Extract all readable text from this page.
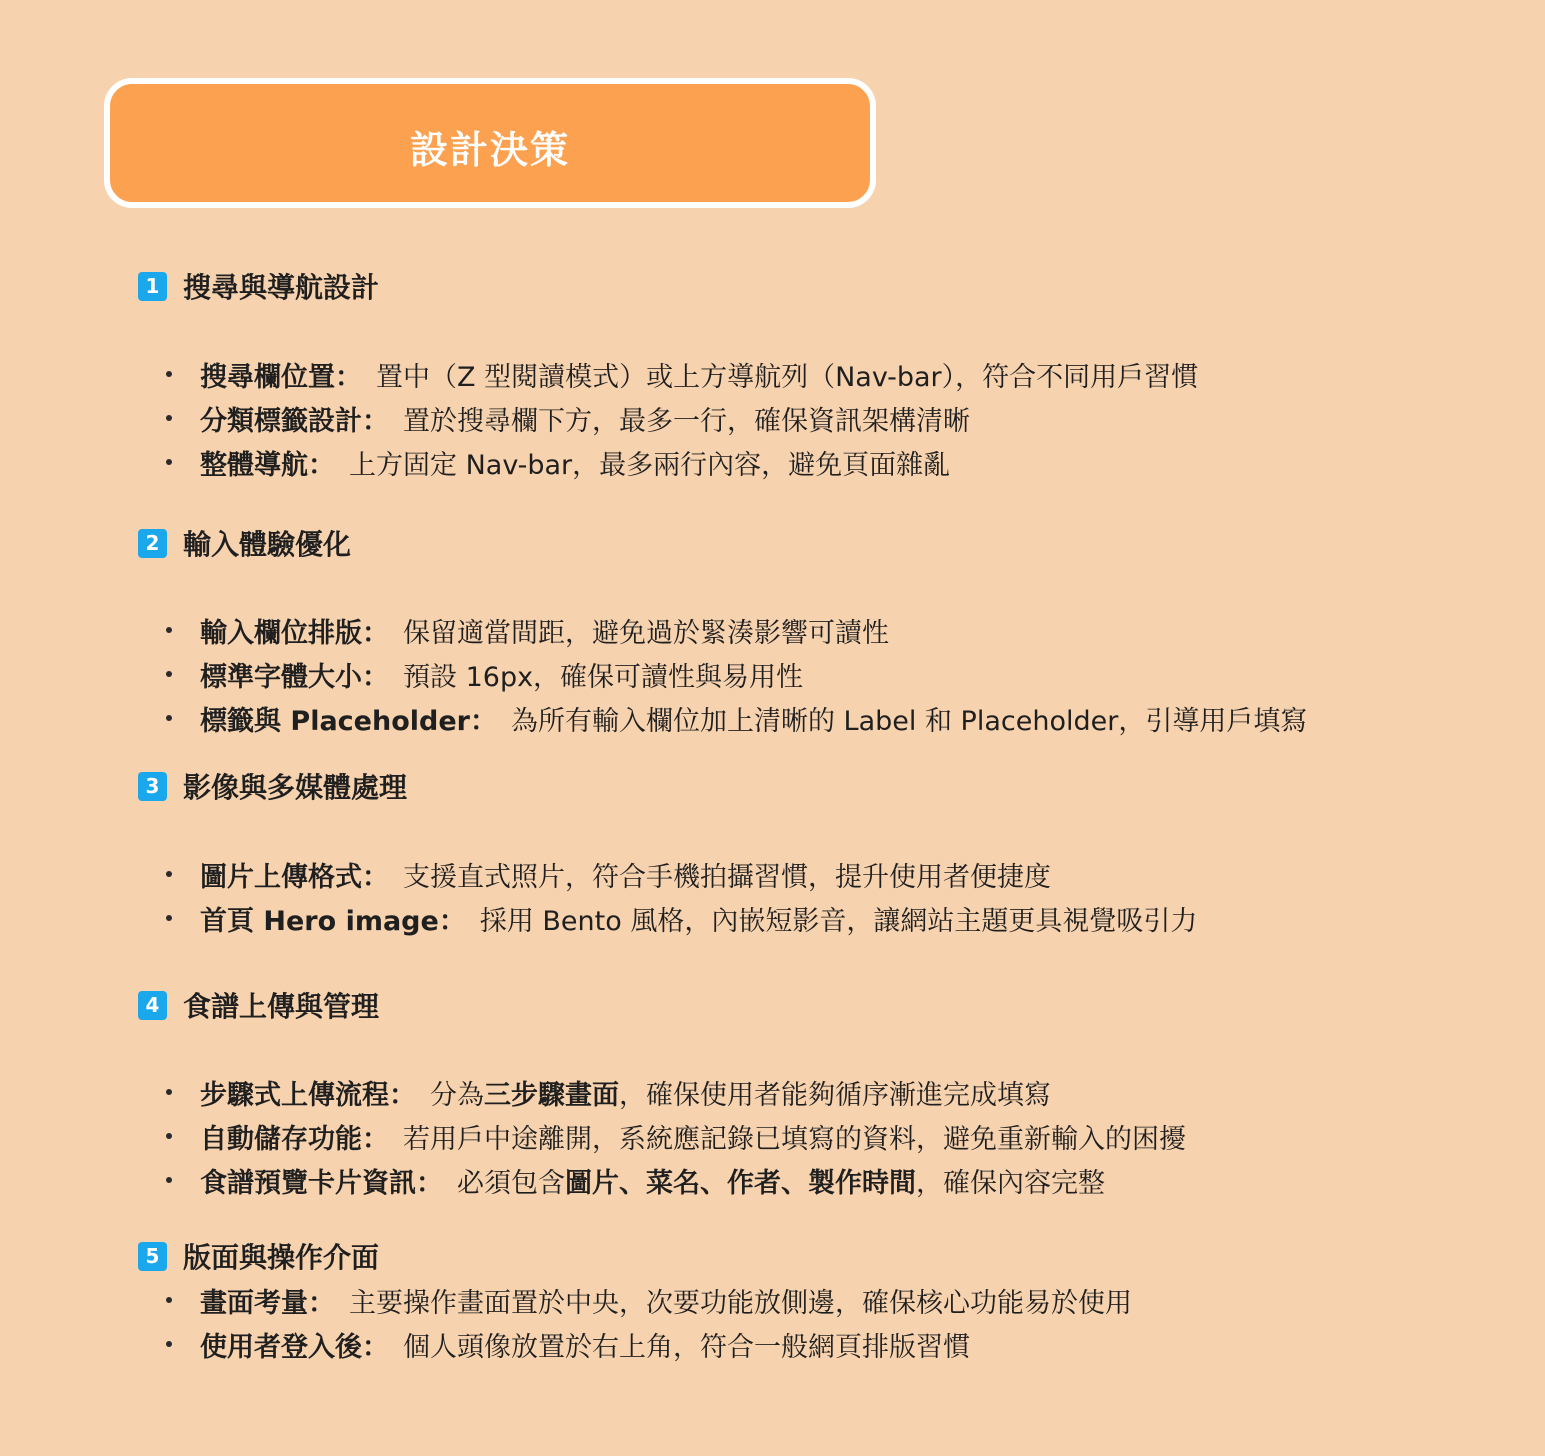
設計決策
1 搜尋與導航設計
搜尋欄位置 ： 置中（Z 型閱讀模式）或上方導航列（Nav-bar），符合不同用戶習慣
分類標籤設計 ： 置於搜尋欄下方，最多一行，確保資訊架構清晰
整體導航 ： 上方固定 Nav-bar，最多兩行內容，避免頁面雜亂
2 輸入體驗優化
輸入欄位排版 ： 保留適當間距，避免過於緊湊影響可讀性
標準字體大小 ： 預設 16px，確保可讀性與易用性
標籤與 Placeholder ： 為所有輸入欄位加上清晰的 Label 和 Placeholder，引導用戶填寫
3 影像與多媒體處理
圖片上傳格式 ： 支援直式照片，符合手機拍攝習慣，提升使用者便捷度
首頁 Hero image ： 採用 Bento 風格，內嵌短影音，讓網站主題更具視覺吸引力
4 食譜上傳與管理
步驟式上傳流程 ： 分為 三步驟畫面 ，確保使用者能夠循序漸進完成填寫
自動儲存功能 ： 若用戶中途離開，系統應記錄已填寫的資料，避免重新輸入的困擾
食譜預覽卡片資訊 ： 必須包含 圖片、菜名、作者、製作時間 ，確保內容完整
5 版面與操作介面
畫面考量 ： 主要操作畫面置於中央，次要功能放側邊，確保核心功能易於使用
使用者登入後 ： 個人頭像放置於右上角，符合一般網頁排版習慣
